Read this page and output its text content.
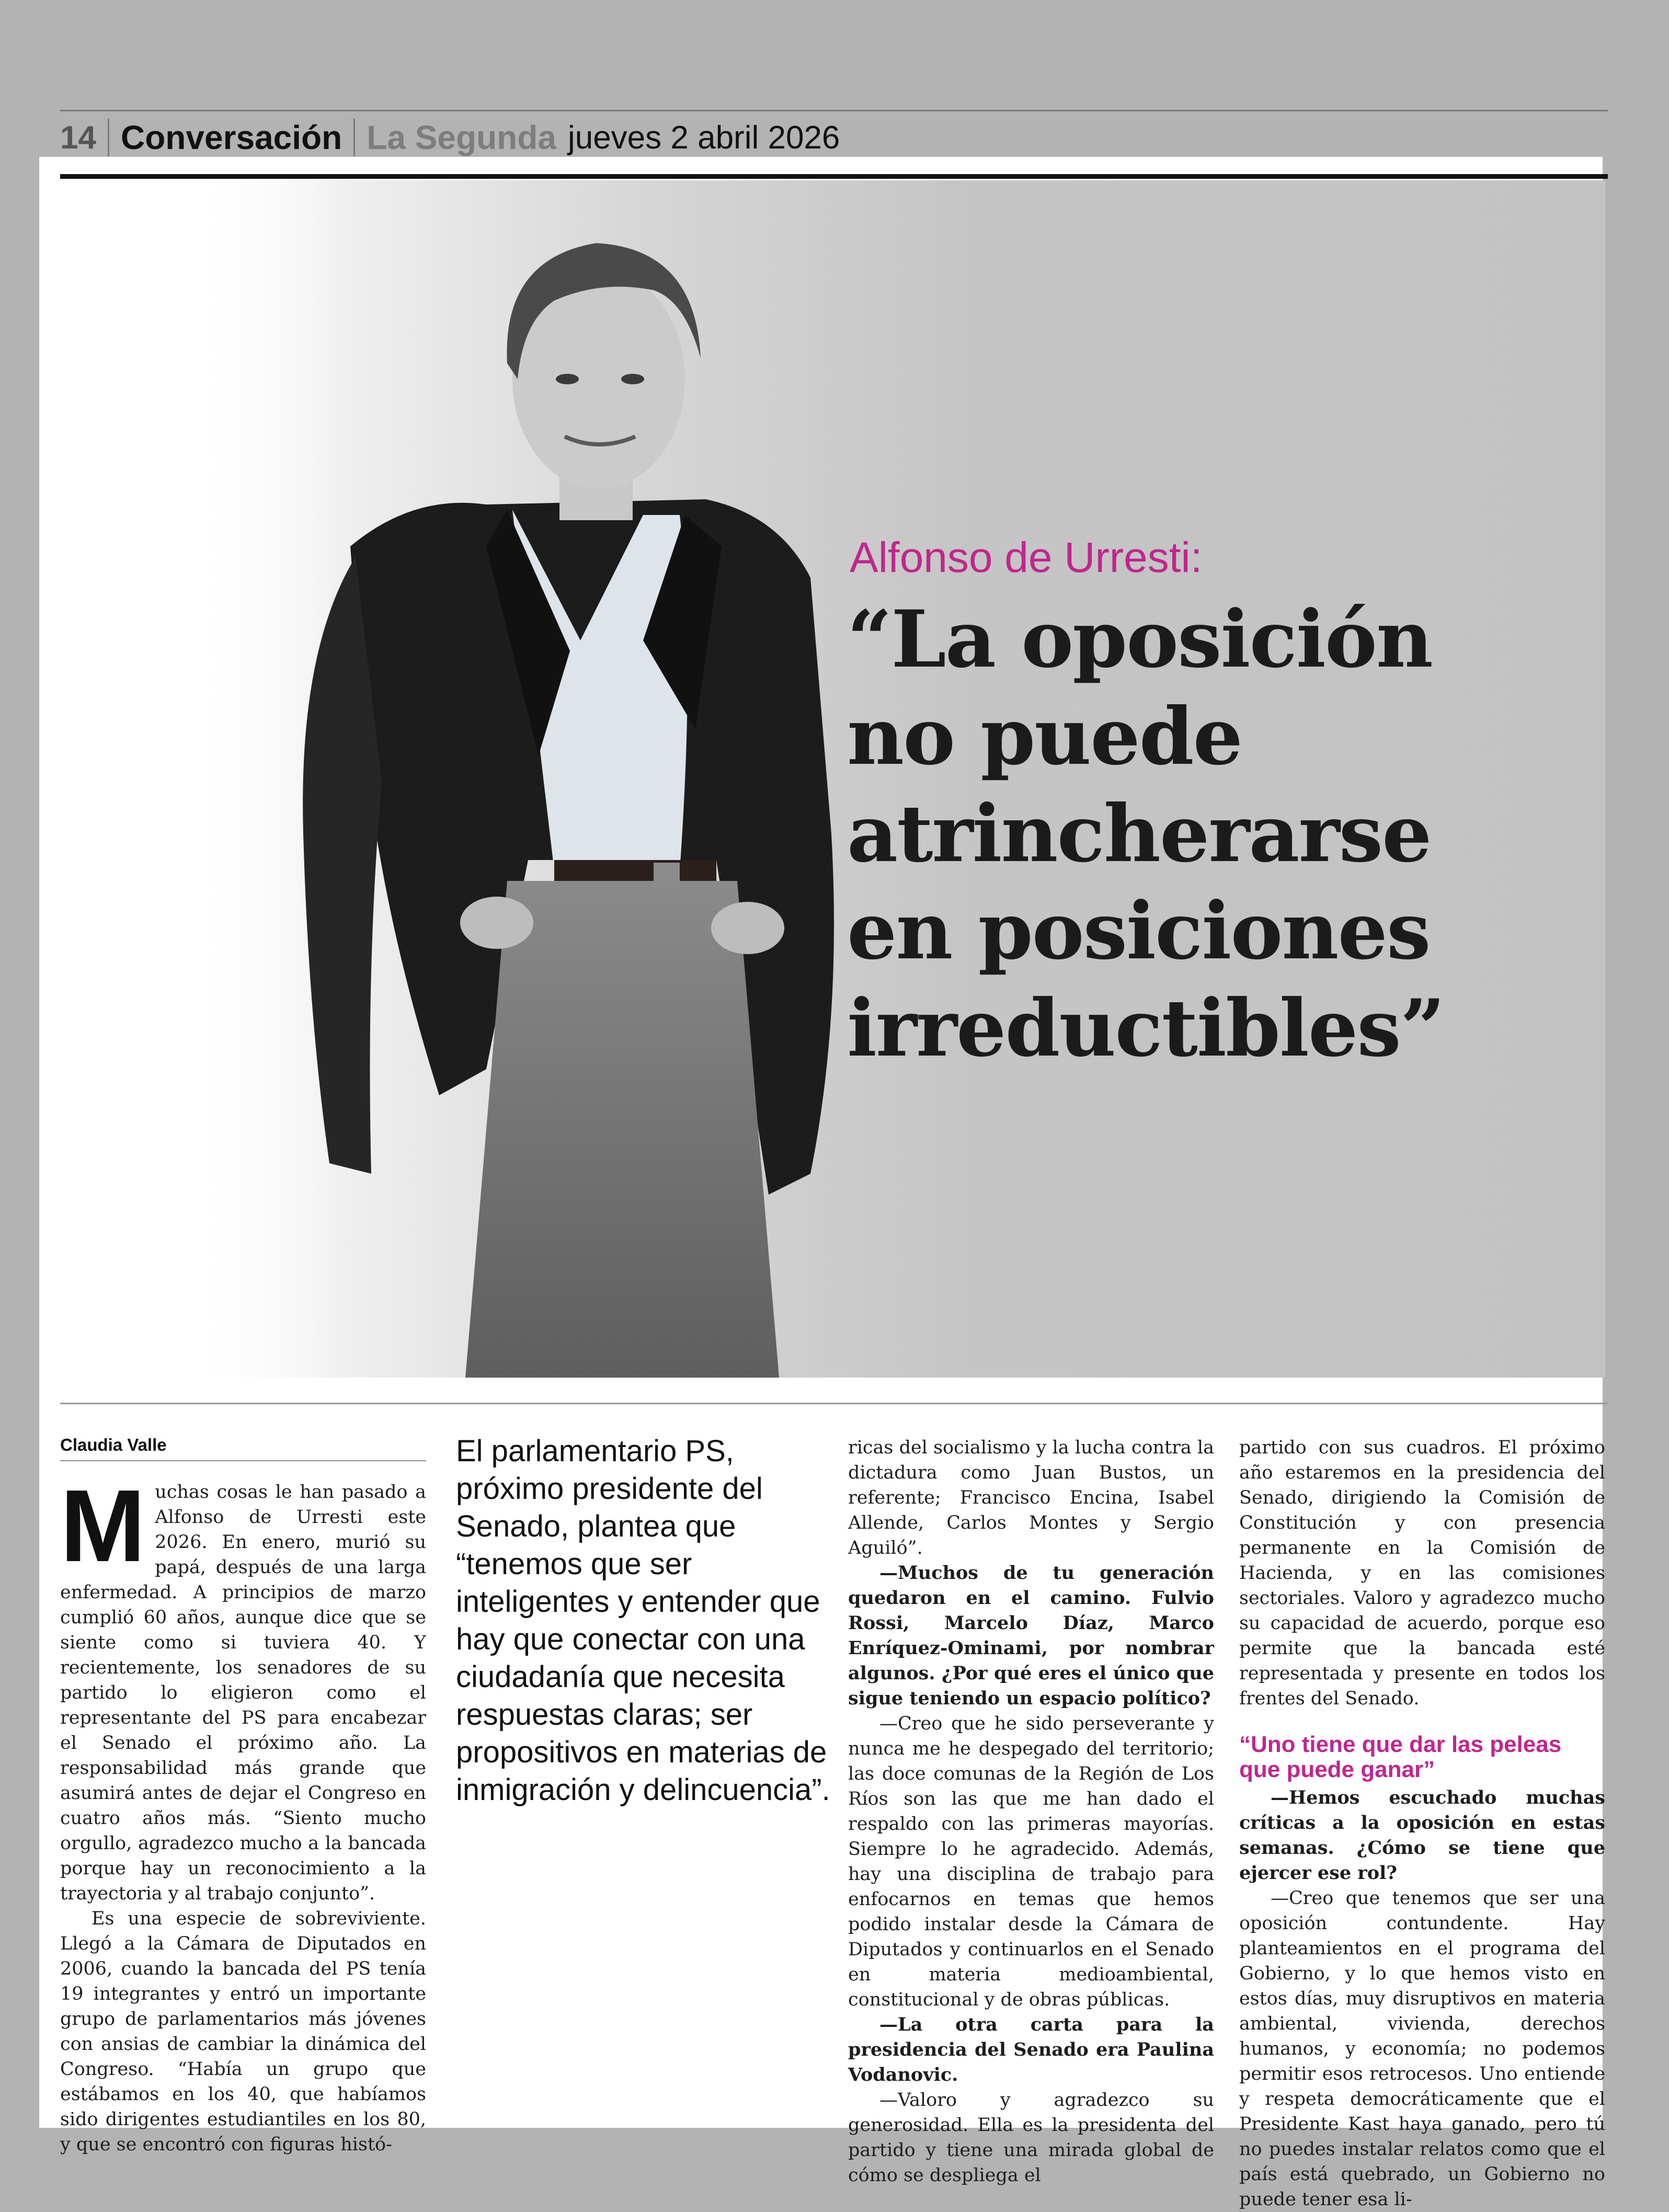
14 Conversación La Segunda jueves 2 abril 2026
Alfonso de Urresti:
“La oposición
no puede
atrincherarse
en posiciones
irreductibles”
Claudia Valle

Muchas cosas le han pasado a Alfonso de Urresti este 2026. En enero, murió su papá, después de una larga enfermedad. A principios de marzo cumplió 60 años, aunque dice que se siente como si tuviera 40. Y recientemente, los senadores de su partido lo eligieron como el representante del PS para encabezar el Senado el próximo año. La responsabilidad más grande que asumirá antes de dejar el Congreso en cuatro años más. “Siento mucho orgullo, agradezco mucho a la bancada porque hay un reconocimiento a la trayectoria y al trabajo conjunto”.

Es una especie de sobreviviente. Llegó a la Cámara de Diputados en 2006, cuando la bancada del PS tenía 19 integrantes y entró un importante grupo de parlamentarios más jóvenes con ansias de cambiar la dinámica del Congreso. “Había un grupo que estábamos en los 40, que habíamos sido dirigentes estudiantiles en los 80, y que se encontró con figuras histó-

El parlamentario PS, próximo presidente del Senado, plantea que “tenemos que ser inteligentes y entender que hay que conectar con una ciudadanía que necesita respuestas claras; ser propositivos en materias de inmigración y delincuencia”.

ricas del socialismo y la lucha contra la dictadura como Juan Bustos, un referente; Francisco Encina, Isabel Allende, Carlos Montes y Sergio Aguiló”.

—Muchos de tu generación quedaron en el camino. Fulvio Rossi, Marcelo Díaz, Marco Enríquez-Ominami, por nombrar algunos. ¿Por qué eres el único que sigue teniendo un espacio político?

—Creo que he sido perseverante y nunca me he despegado del territorio; las doce comunas de la Región de Los Ríos son las que me han dado el respaldo con las primeras mayorías. Siempre lo he agradecido. Además, hay una disciplina de trabajo para enfocarnos en temas que hemos podido instalar desde la Cámara de Diputados y continuarlos en el Senado en materia medioambiental, constitucional y de obras públicas.

—La otra carta para la presidencia del Senado era Paulina Vodanovic.

—Valoro y agradezco su generosidad. Ella es la presidenta del partido y tiene una mirada global de cómo se despliega el

partido con sus cuadros. El próximo año estaremos en la presidencia del Senado, dirigiendo la Comisión de Constitución y con presencia permanente en la Comisión de Hacienda, y en las comisiones sectoriales. Valoro y agradezco mucho su capacidad de acuerdo, porque eso permite que la bancada esté representada y presente en todos los frentes del Senado.

“Uno tiene que dar las peleas que puede ganar”

—Hemos escuchado muchas críticas a la oposición en estas semanas. ¿Cómo se tiene que ejercer ese rol?

—Creo que tenemos que ser una oposición contundente. Hay planteamientos en el programa del Gobierno, y lo que hemos visto en estos días, muy disruptivos en materia ambiental, vivienda, derechos humanos, y economía; no podemos permitir esos retrocesos. Uno entiende y respeta democráticamente que el Presidente Kast haya ganado, pero tú no puedes instalar relatos como que el país está quebrado, un Gobierno no puede tener esa li-
